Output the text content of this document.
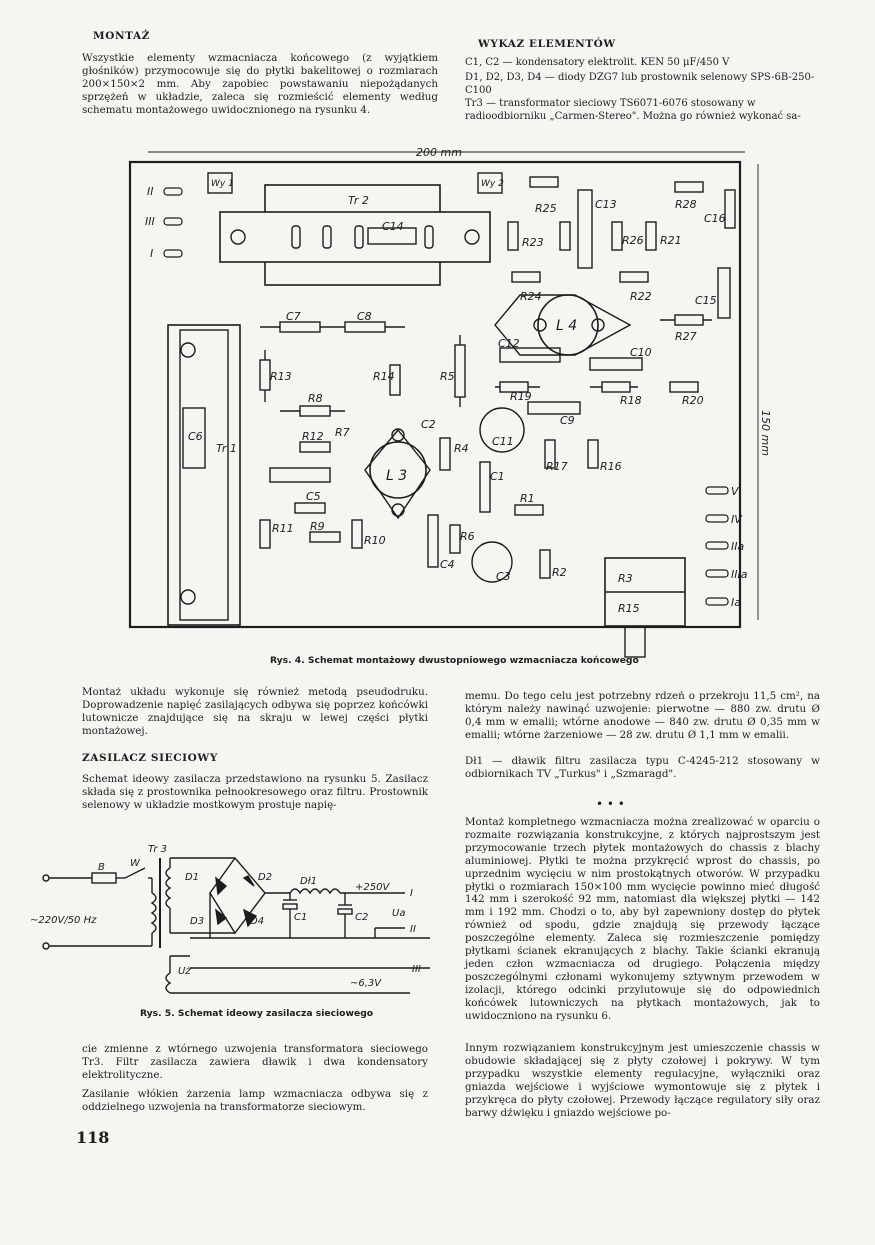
MONTAŻ

Wszystkie elementy wzmacniacza końcowego (z wyjątkiem głośników) przymocowuje się do płytki bakelitowej o rozmiarach 200×150×2 mm. Aby zapobiec powstawaniu niepożądanych sprzężeń w układzie, zaleca się rozmieścić elementy według schematu montażowego uwidocznionego na rysunku 4.

WYKAZ ELEMENTÓW

C1, C2 — kondensatory elektrolit. KEN 50 μF/450 V

D1, D2, D3, D4 — diody DZG7 lub prostownik selenowy SPS-6B-250-C100

Tr3 — transformator sieciowy TS6071-6076 stosowany w radioodbiorniku „Carmen-Stereo". Można go również wykonać sa-

200 mm
150 mm
Wy 1	Wy 2
Tr 2
Tr 1
L 3
L 4
II
III
I
V
IV
IIa
IIIa
Ia
R3
R15
C7	C8
C14
R13	R14	R5
R8
R7
R12
C6
C5
R11 R9
R10
C2
R4
C11
C1
R1
R6
C4
C3	R2
R17	R16
C9
R19	R18	R20
C12
C10
R27
C15
C16
R28
C13
R25
R23	R26 R21
R24	R22
Rys. 4. Schemat montażowy dwustopniowego wzmacniacza końcowego

Montaż układu wykonuje się również metodą pseudodruku. Doprowadzenie napięć zasilających odbywa się poprzez końcówki lutownicze znajdujące się na skraju w lewej części płytki montażowej.

ZASILACZ SIECIOWY

Schemat ideowy zasilacza przedstawiono na rysunku 5. Zasilacz składa się z prostownika pełnookresowego oraz filtru. Prostownik selenowy w układzie mostkowym prostuje napię-

Tr 3
B	W
~220V/50 Hz
D1	D2
D3	D4
Dł1
+250V
C1	C2 Ua
Uż
~6,3V
I
II
III
Rys. 5. Schemat ideowy zasilacza sieciowego

cie zmienne z wtórnego uzwojenia transformatora sieciowego Tr3. Filtr zasilacza zawiera dławik i dwa kondensatory elektrolityczne.

Zasilanie włókien żarzenia lamp wzmacniacza odbywa się z oddzielnego uzwojenia na transformatorze sieciowym.

118

memu. Do tego celu jest potrzebny rdzeń o przekroju 11,5 cm², na którym należy nawinąć uzwojenie: pierwotne — 880 zw. drutu Ø 0,4 mm w emalii; wtórne anodowe — 840 zw. drutu Ø 0,35 mm w emalii; wtórne żarzeniowe — 28 zw. drutu Ø 1,1 mm w emalii.

Dł1 — dławik filtru zasilacza typu C-4245-212 stosowany w odbiornikach TV „Turkus" i „Szmaragd".

• • •

Montaż kompletnego wzmacniacza można zrealizować w oparciu o rozmaite rozwiązania konstrukcyjne, z których najprostszym jest przymocowanie trzech płytek montażowych do chassis z blachy aluminiowej. Płytki te można przykręcić wprost do chassis, po uprzednim wycięciu w nim prostokątnych otworów. W przypadku płytki o rozmiarach 150×100 mm wycięcie powinno mieć długość 142 mm i szerokość 92 mm, natomiast dla większej płytki — 142 mm i 192 mm. Chodzi o to, aby był zapewniony dostęp do płytek również od spodu, gdzie znajdują się przewody łączące poszczególne elementy. Zaleca się rozmieszczenie pomiędzy płytkami ścianek ekranujących z blachy. Takie ścianki ekranują jeden człon wzmacniacza od drugiego. Połączenia między poszczególnymi członami wykonujemy sztywnym przewodem w izolacji, którego odcinki przylutowuje się do odpowiednich końcówek lutowniczych na płytkach montażowych, jak to uwidoczniono na rysunku 6.

Innym rozwiązaniem konstrukcyjnym jest umieszczenie chassis w obudowie składającej się z płyty czołowej i pokrywy. W tym przypadku wszystkie elementy regulacyjne, wyłączniki oraz gniazda wejściowe i wyjściowe wymontowuje się z płytek i przykręca do płyty czołowej. Przewody łączące regulatory siły oraz barwy dźwięku i gniazdo wejściowe po-
